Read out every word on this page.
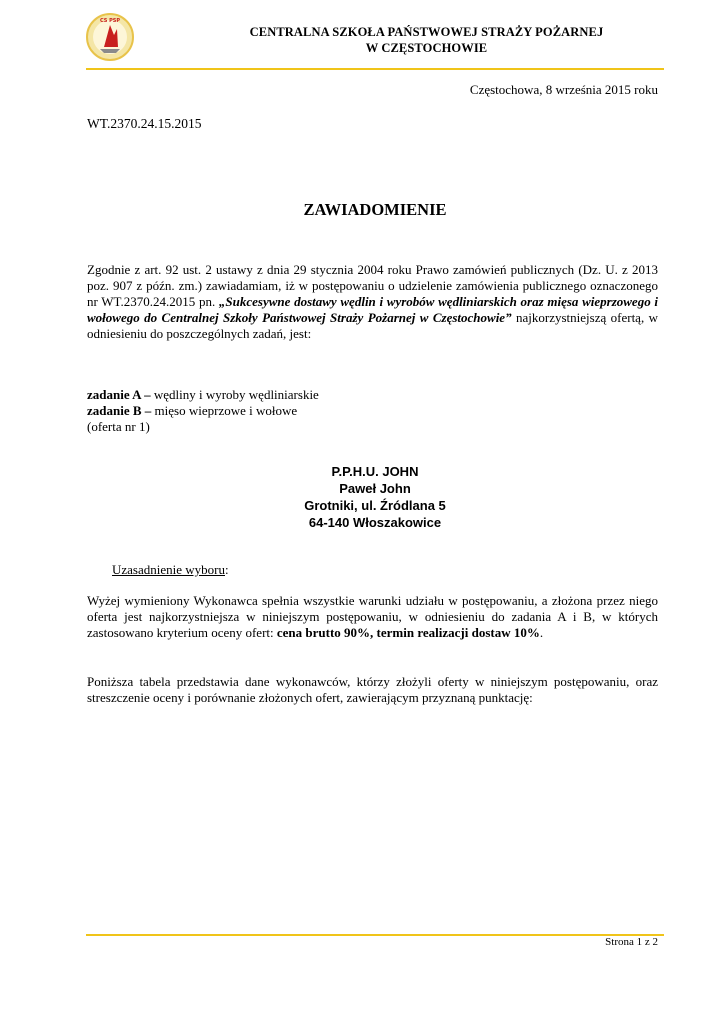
CS PSP
CENTRALNA SZKOŁA PAŃSTWOWEJ STRAŻY POŻARNEJ
W CZĘSTOCHOWIE
Częstochowa, 8 września 2015 roku
WT.2370.24.15.2015
ZAWIADOMIENIE
Zgodnie z art. 92 ust. 2 ustawy z dnia 29 stycznia 2004 roku Prawo zamówień publicznych (Dz. U. z 2013 poz. 907 z późn. zm.) zawiadamiam, iż w postępowaniu o udzielenie zamówienia publicznego oznaczonego nr WT.2370.24.2015 pn. „Sukcesywne dostawy wędlin i wyrobów wędliniarskich oraz mięsa wieprzowego i wołowego do Centralnej Szkoły Państwowej Straży Pożarnej w Częstochowie” najkorzystniejszą ofertą, w odniesieniu do poszczególnych zadań, jest:
zadanie A – wędliny i wyroby wędliniarskie
zadanie B – mięso wieprzowe i wołowe
(oferta nr 1)
P.P.H.U. JOHN
Paweł John
Grotniki, ul. Źródlana 5
64-140 Włoszakowice
Uzasadnienie wyboru:
Wyżej wymieniony Wykonawca spełnia wszystkie warunki udziału w postępowaniu, a złożona przez niego oferta jest najkorzystniejsza w niniejszym postępowaniu, w odniesieniu do zadania A i B, w których zastosowano kryterium oceny ofert: cena brutto 90%, termin realizacji dostaw 10%.
Poniższa tabela przedstawia dane wykonawców, którzy złożyli oferty w niniejszym postępowaniu, oraz streszczenie oceny i porównanie złożonych ofert, zawierającym przyznaną punktację:
Strona 1 z 2
